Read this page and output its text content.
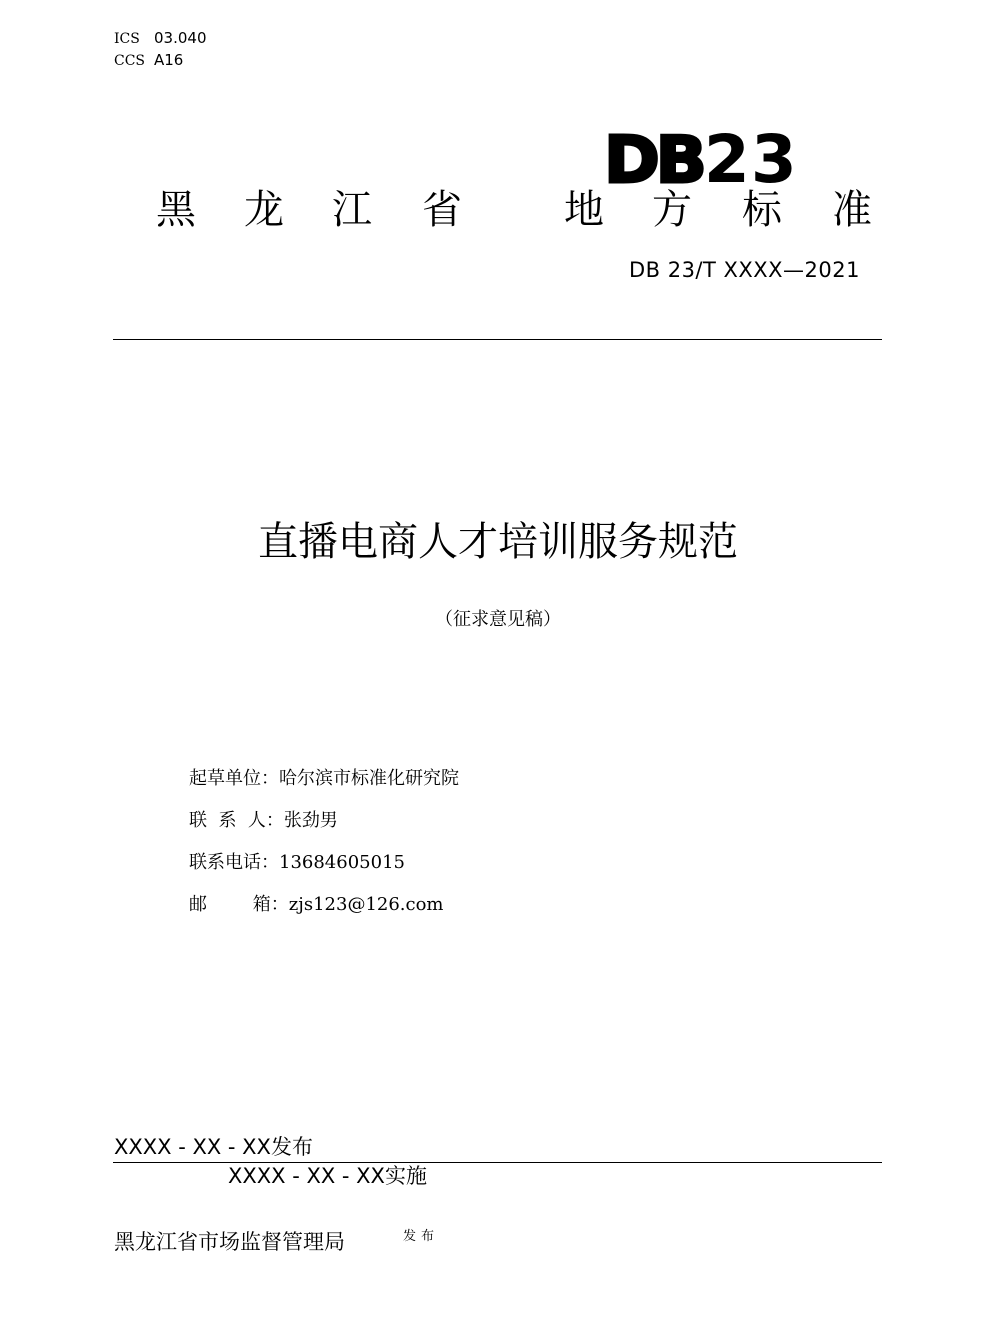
ICS 03.040
CCS A16
DB23
黑 龙 江 省	地 方 标 准
DB 23/T XXXX—2021
直播电商人才培训服务规范
（征求意见稿）
起草单位：哈尔滨市标准化研究院
联  系  人：张劲男
联系电话：13684605015
邮        箱：zjs123@126.com
XXXX - XX - XX发布
XXXX - XX - XX实施
黑龙江省市场监督管理局	发布
